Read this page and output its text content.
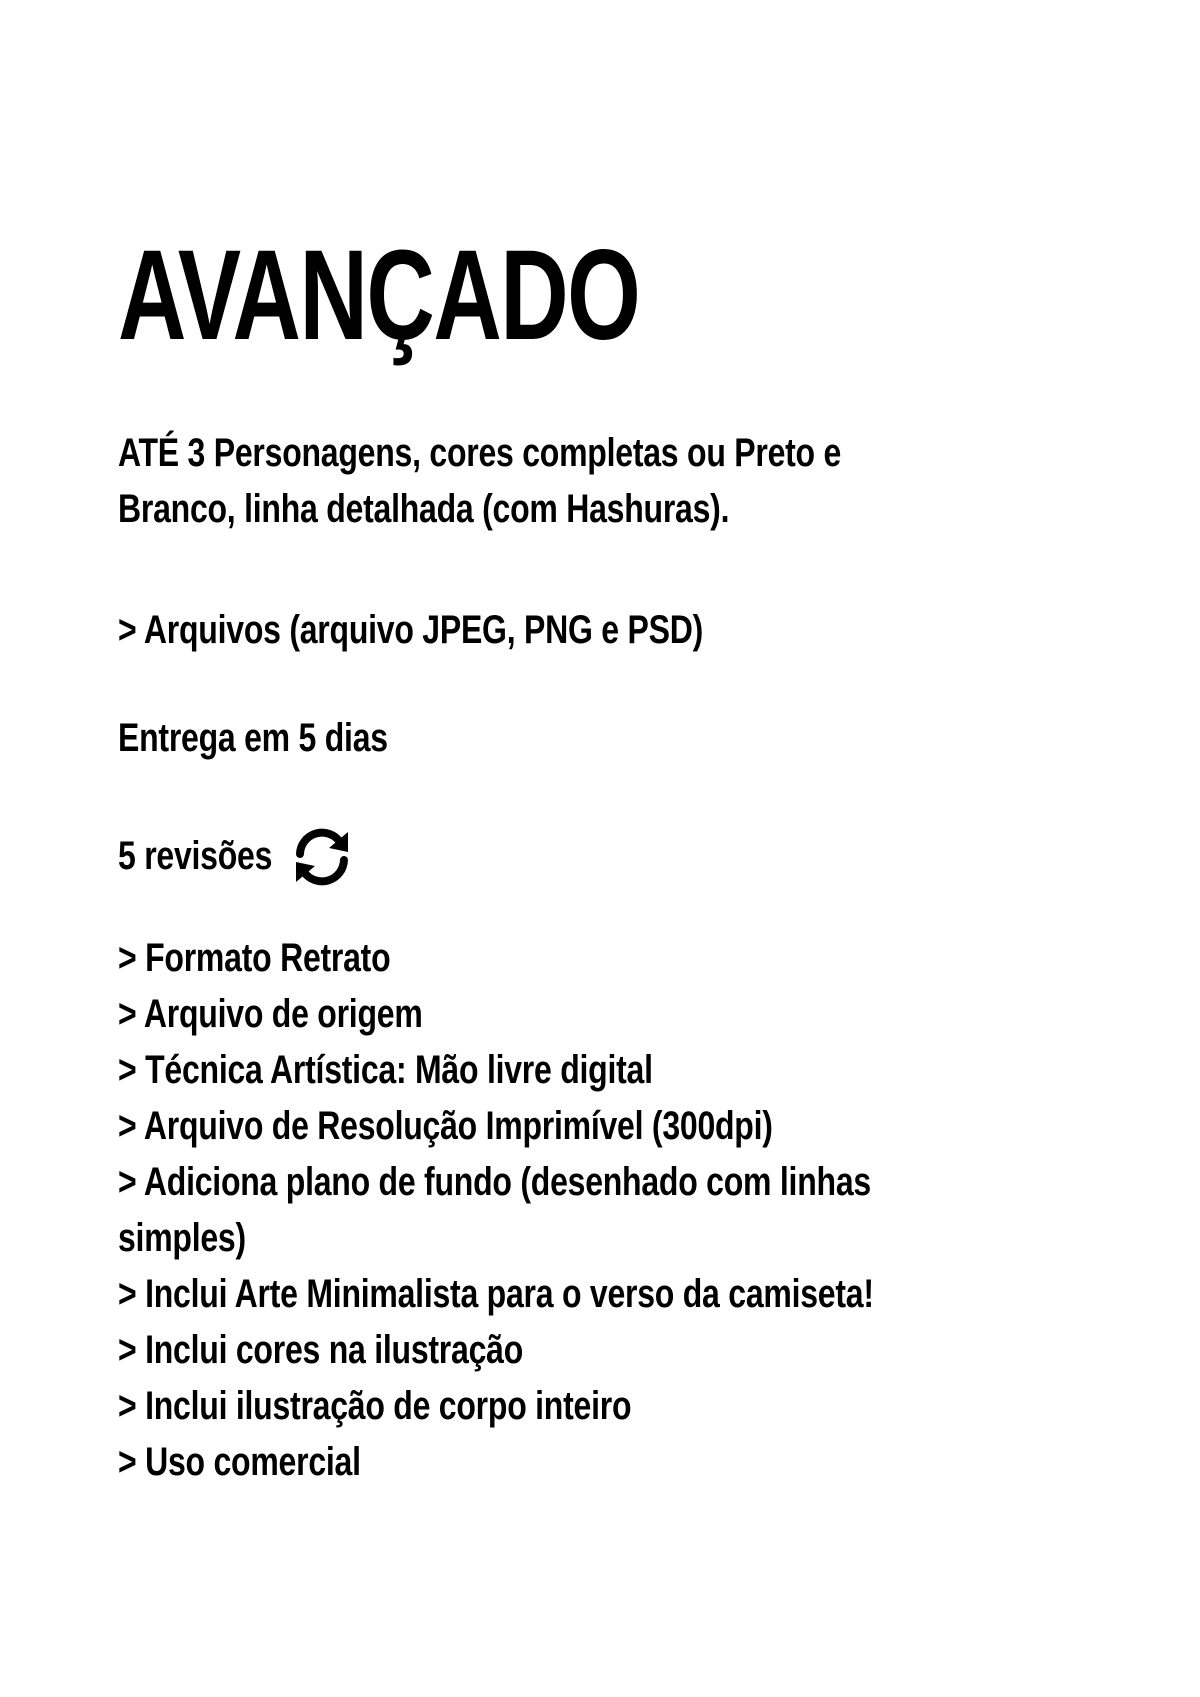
AVANÇADO
ATÉ 3 Personagens, cores completas ou Preto e
Branco, linha detalhada (com Hashuras).
> Arquivos (arquivo JPEG, PNG e PSD)
Entrega em 5 dias
5 revisões
> Formato Retrato
> Arquivo de origem
> Técnica Artística: Mão livre digital
> Arquivo de Resolução Imprimível (300dpi)
> Adiciona plano de fundo (desenhado com linhas
simples)
> Inclui Arte Minimalista para o verso da camiseta!
> Inclui cores na ilustração
> Inclui ilustração de corpo inteiro
> Uso comercial
